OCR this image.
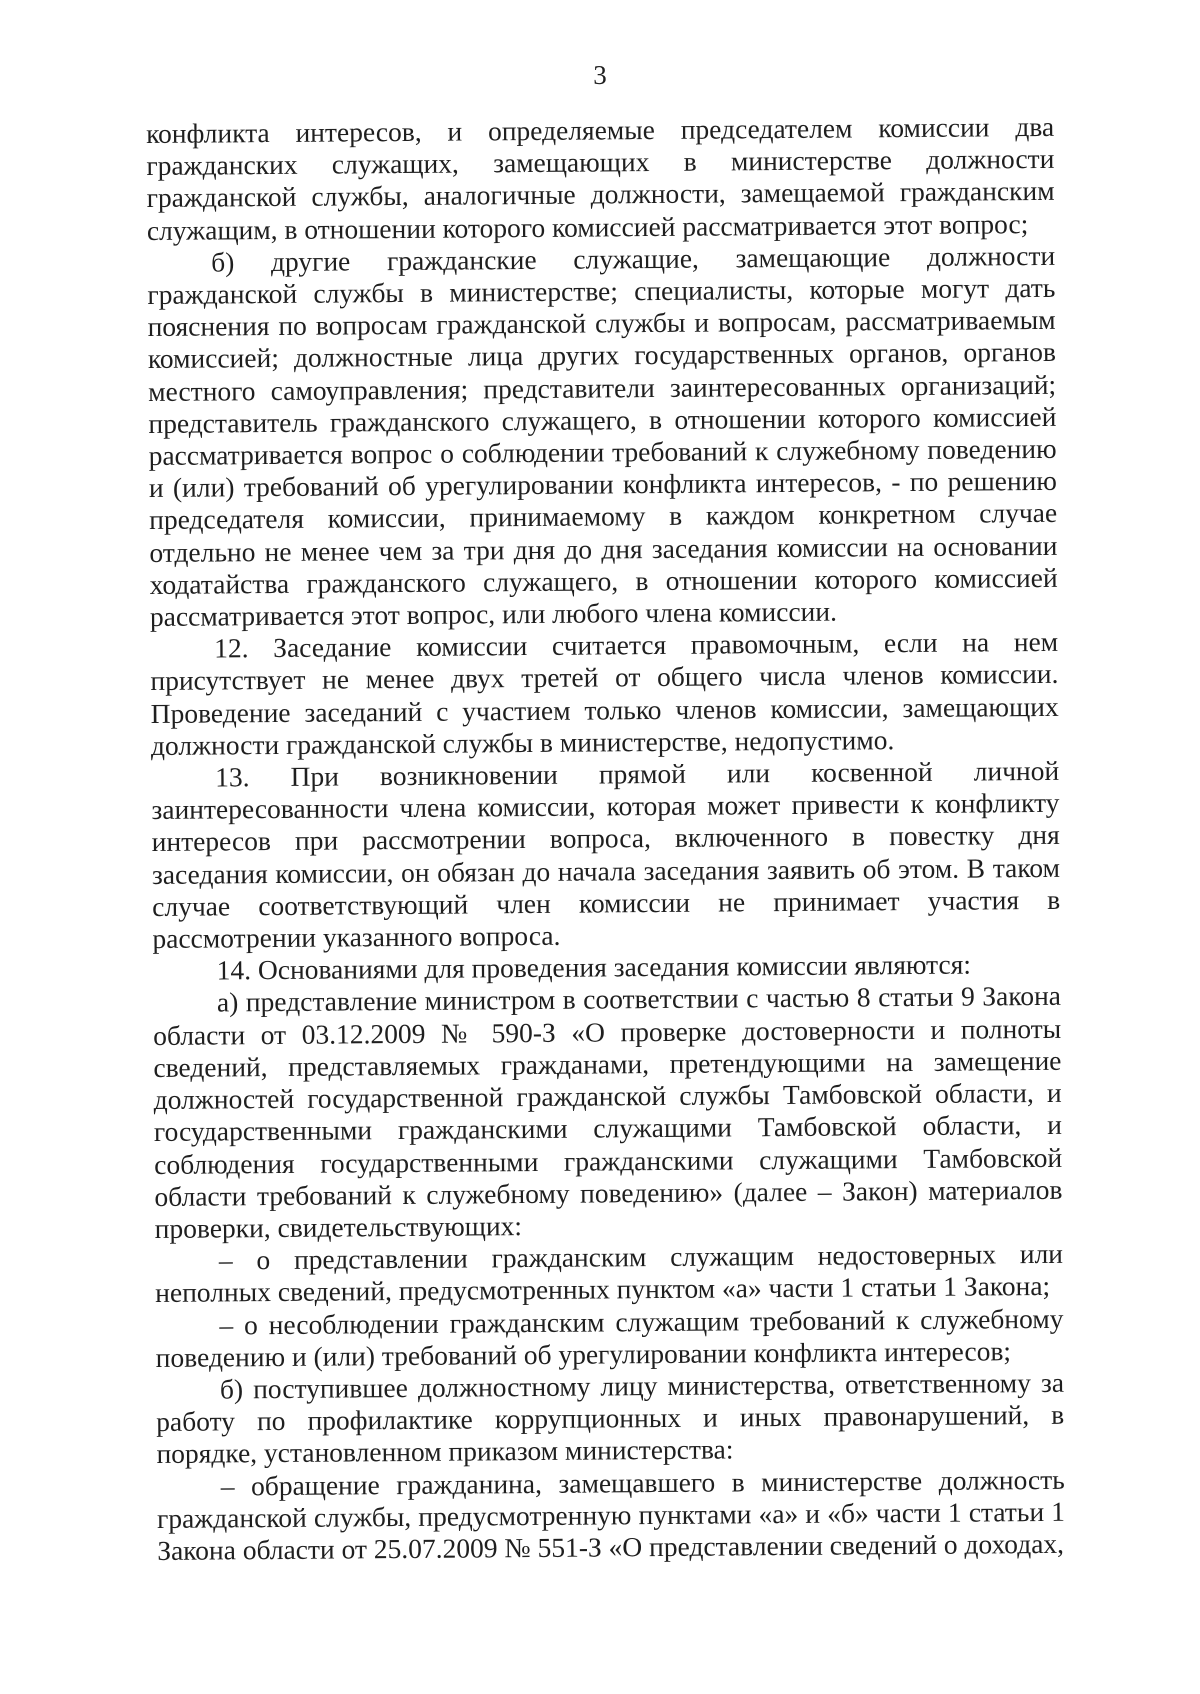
3

конфликта интересов, и определяемые председателем комиссии два гражданских служащих, замещающих в министерстве должности гражданской службы, аналогичные должности, замещаемой гражданским служащим, в отношении которого комиссией рассматривается этот вопрос;

б) другие гражданские служащие, замещающие должности гражданской службы в министерстве; специалисты, которые могут дать пояснения по вопросам гражданской службы и вопросам, рассматриваемым комиссией; должностные лица других государственных органов, органов местного самоуправления; представители заинтересованных организаций; представитель гражданского служащего, в отношении которого комиссией рассматривается вопрос о соблюдении требований к служебному поведению и (или) требований об урегулировании конфликта интересов, - по решению председателя комиссии, принимаемому в каждом конкретном случае отдельно не менее чем за три дня до дня заседания комиссии на основании ходатайства гражданского служащего, в отношении которого комиссией рассматривается этот вопрос, или любого члена комиссии.

12. Заседание комиссии считается правомочным, если на нем присутствует не менее двух третей от общего числа членов комиссии. Проведение заседаний с участием только членов комиссии, замещающих должности гражданской службы в министерстве, недопустимо.

13. При возникновении прямой или косвенной личной заинтересованности члена комиссии, которая может привести к конфликту интересов при рассмотрении вопроса, включенного в повестку дня заседания комиссии, он обязан до начала заседания заявить об этом. В таком случае соответствующий член комиссии не принимает участия в рассмотрении указанного вопроса.

14. Основаниями для проведения заседания комиссии являются:

а) представление министром в соответствии с частью 8 статьи 9 Закона области от 03.12.2009 № 590-З «О проверке достоверности и полноты сведений, представляемых гражданами, претендующими на замещение должностей государственной гражданской службы Тамбовской области, и государственными гражданскими служащими Тамбовской области, и соблюдения государственными гражданскими служащими Тамбовской области требований к служебному поведению» (далее – Закон) материалов проверки, свидетельствующих:

– о представлении гражданским служащим недостоверных или неполных сведений, предусмотренных пунктом «а» части 1 статьи 1 Закона;

– о несоблюдении гражданским служащим требований к служебному поведению и (или) требований об урегулировании конфликта интересов;

б) поступившее должностному лицу министерства, ответственному за работу по профилактике коррупционных и иных правонарушений, в порядке, установленном приказом министерства:

– обращение гражданина, замещавшего в министерстве должность гражданской службы, предусмотренную пунктами «а» и «б» части 1 статьи 1 Закона области от 25.07.2009 № 551-З «О представлении сведений о доходах,
